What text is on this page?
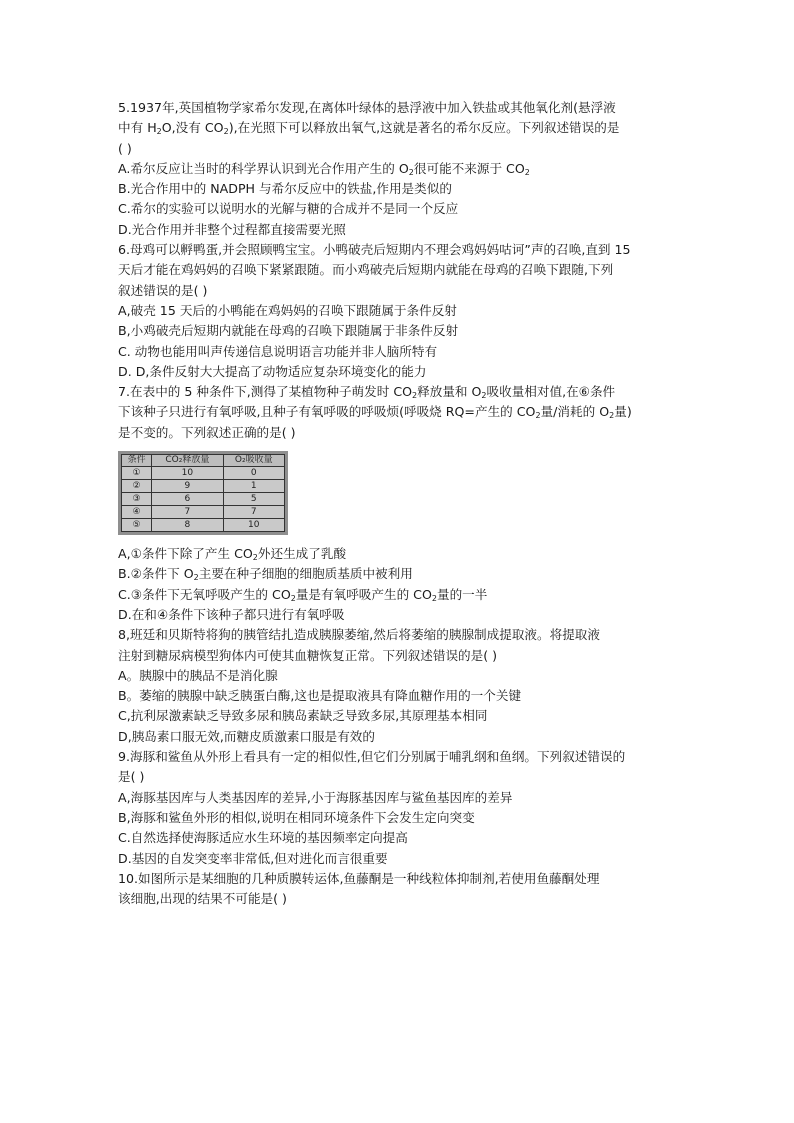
5.1937年,英国植物学家希尔发现,在离体叶绿体的悬浮液中加入铁盐或其他氧化剂(悬浮液
中有 $H_2O$,没有 $CO_2$),在光照下可以释放出氧气,这就是著名的希尔反应。下列叙述错误的是
( )
A.希尔反应让当时的科学界认识到光合作用产生的 $O_2$很可能不来源于 $CO_2$
B.光合作用中的 NADPH 与希尔反应中的铁盐,作用是类似的
C.希尔的实验可以说明水的光解与糖的合成并不是同一个反应
D.光合作用并非整个过程都直接需要光照
6.母鸡可以孵鸭蛋,并会照顾鸭宝宝。小鸭破壳后短期内不理会鸡妈妈咕诃”声的召唤,直到 15
天后才能在鸡妈妈的召唤下紧紧跟随。而小鸡破壳后短期内就能在母鸡的召唤下跟随,下列
叙述错误的是( )
A,破壳 15 天后的小鸭能在鸡妈妈的召唤下跟随属于条件反射
B,小鸡破壳后短期内就能在母鸡的召唤下跟随属于非条件反射
C. 动物也能用叫声传递信息说明语言功能并非人脑所特有
D. D,条件反射大大提高了动物适应复杂环境变化的能力
7.在表中的 5 种条件下,测得了某植物种子萌发时 $CO_2$释放量和 $O_2$吸收量相对值,在⑥条件
下该种子只进行有氧呼吸,且种子有氧呼吸的呼吸烦(呼吸烧 RQ=产生的 $CO_2$量/消耗的 $O_2$量)
是不变的。下列叙述正确的是( )
条件	CO₂释放量	O₂吸收量
①	10	0
②	9	1
③	6	5
④	7	7
⑤	8	10
A,①条件下除了产生 $CO_2$外还生成了乳酸
B.②条件下 $O_2$主要在种子细胞的细胞质基质中被利用
C.③条件下无氧呼吸产生的 $CO_2$量是有氧呼吸产生的 $CO_2$量的一半
D.在和④条件下该种子都只进行有氧呼吸
8,班廷和贝斯特将狗的胰管结扎造成胰腺萎缩,然后将萎缩的胰腺制成提取液。将提取液
注射到糖尿病模型狗体内可使其血糖恢复正常。下列叙述错误的是( )
A。胰腺中的胰品不是消化腺
B。萎缩的胰腺中缺乏胰蛋白酶,这也是提取液具有降血糖作用的一个关键
C,抗利尿激素缺乏导致多尿和胰岛素缺乏导致多尿,其原理基本相同
D,胰岛素口服无效,而糖皮质激素口服是有效的
9.海豚和鲨鱼从外形上看具有一定的相似性,但它们分别属于哺乳纲和鱼纲。下列叙述错误的
是( )
A,海豚基因库与人类基因库的差异,小于海豚基因库与鲨鱼基因库的差异
B,海豚和鲨鱼外形的相似,说明在相同环境条件下会发生定向突变
C.自然选择使海豚适应水生环境的基因频率定向提高
D.基因的自发突变率非常低,但对进化而言很重要
10.如图所示是某细胞的几种质膜转运体,鱼藤酮是一种线粒体抑制剂,若使用鱼藤酮处理
该细胞,出现的结果不可能是( )
